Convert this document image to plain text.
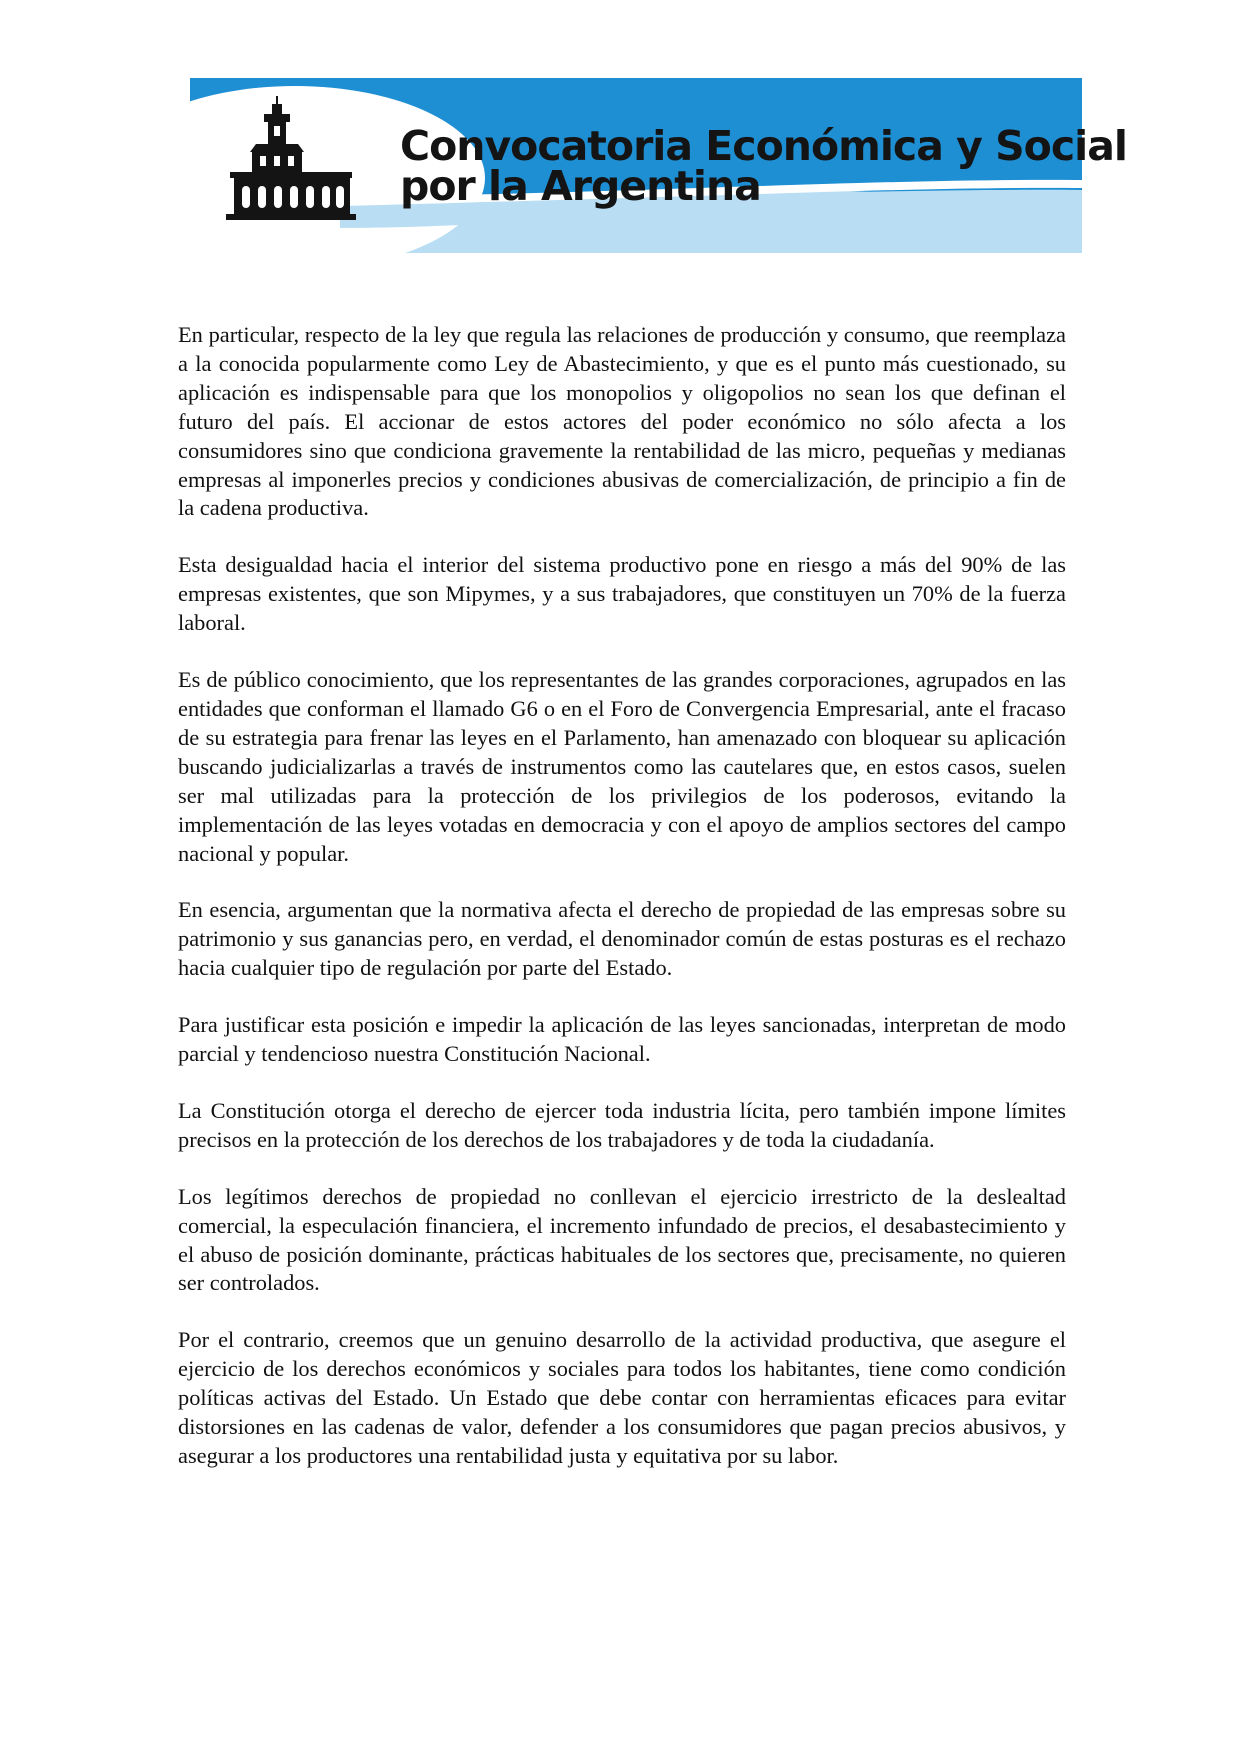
Convocatoria Económica y Social
por la Argentina

En particular, respecto de la ley que regula las relaciones de producción y consumo, que reemplaza a la conocida popularmente como Ley de Abastecimiento, y que es el punto más cuestionado, su aplicación es indispensable para que los monopolios y oligopolios no sean los que definan el futuro del país. El accionar de estos actores del poder económico no sólo afecta a los consumidores sino que condiciona gravemente la rentabilidad de las micro, pequeñas y medianas empresas al imponerles precios y condiciones abusivas de comercialización, de principio a fin de la cadena productiva.

Esta desigualdad hacia el interior del sistema productivo pone en riesgo a más del 90% de las empresas existentes, que son Mipymes, y a sus trabajadores, que constituyen un 70% de la fuerza laboral.

Es de público conocimiento, que los representantes de las grandes corporaciones, agrupados en las entidades que conforman el llamado G6 o en el Foro de Convergencia Empresarial, ante el fracaso de su estrategia para frenar las leyes en el Parlamento, han amenazado con bloquear su aplicación buscando judicializarlas a través de instrumentos como las cautelares que, en estos casos, suelen ser mal utilizadas para la protección de los privilegios de los poderosos, evitando la implementación de las leyes votadas en democracia y con el apoyo de amplios sectores del campo nacional y popular.

En esencia, argumentan que la normativa afecta el derecho de propiedad de las empresas sobre su patrimonio y sus ganancias pero, en verdad, el denominador común de estas posturas es el rechazo hacia cualquier tipo de regulación por parte del Estado.

Para justificar esta posición e impedir la aplicación de las leyes sancionadas, interpretan de modo parcial y tendencioso nuestra Constitución Nacional.

La Constitución otorga el derecho de ejercer toda industria lícita, pero también impone límites precisos en la protección de los derechos de los trabajadores y de toda la ciudadanía.

Los legítimos derechos de propiedad no conllevan el ejercicio irrestricto de la deslealtad comercial, la especulación financiera, el incremento infundado de precios, el desabastecimiento y el abuso de posición dominante, prácticas habituales de los sectores que, precisamente, no quieren ser controlados.

Por el contrario, creemos que un genuino desarrollo de la actividad productiva, que asegure el ejercicio de los derechos económicos y sociales para todos los habitantes, tiene como condición políticas activas del Estado. Un Estado que debe contar con herramientas eficaces para evitar distorsiones en las cadenas de valor, defender a los consumidores que pagan precios abusivos, y asegurar a los productores una rentabilidad justa y equitativa por su labor.
